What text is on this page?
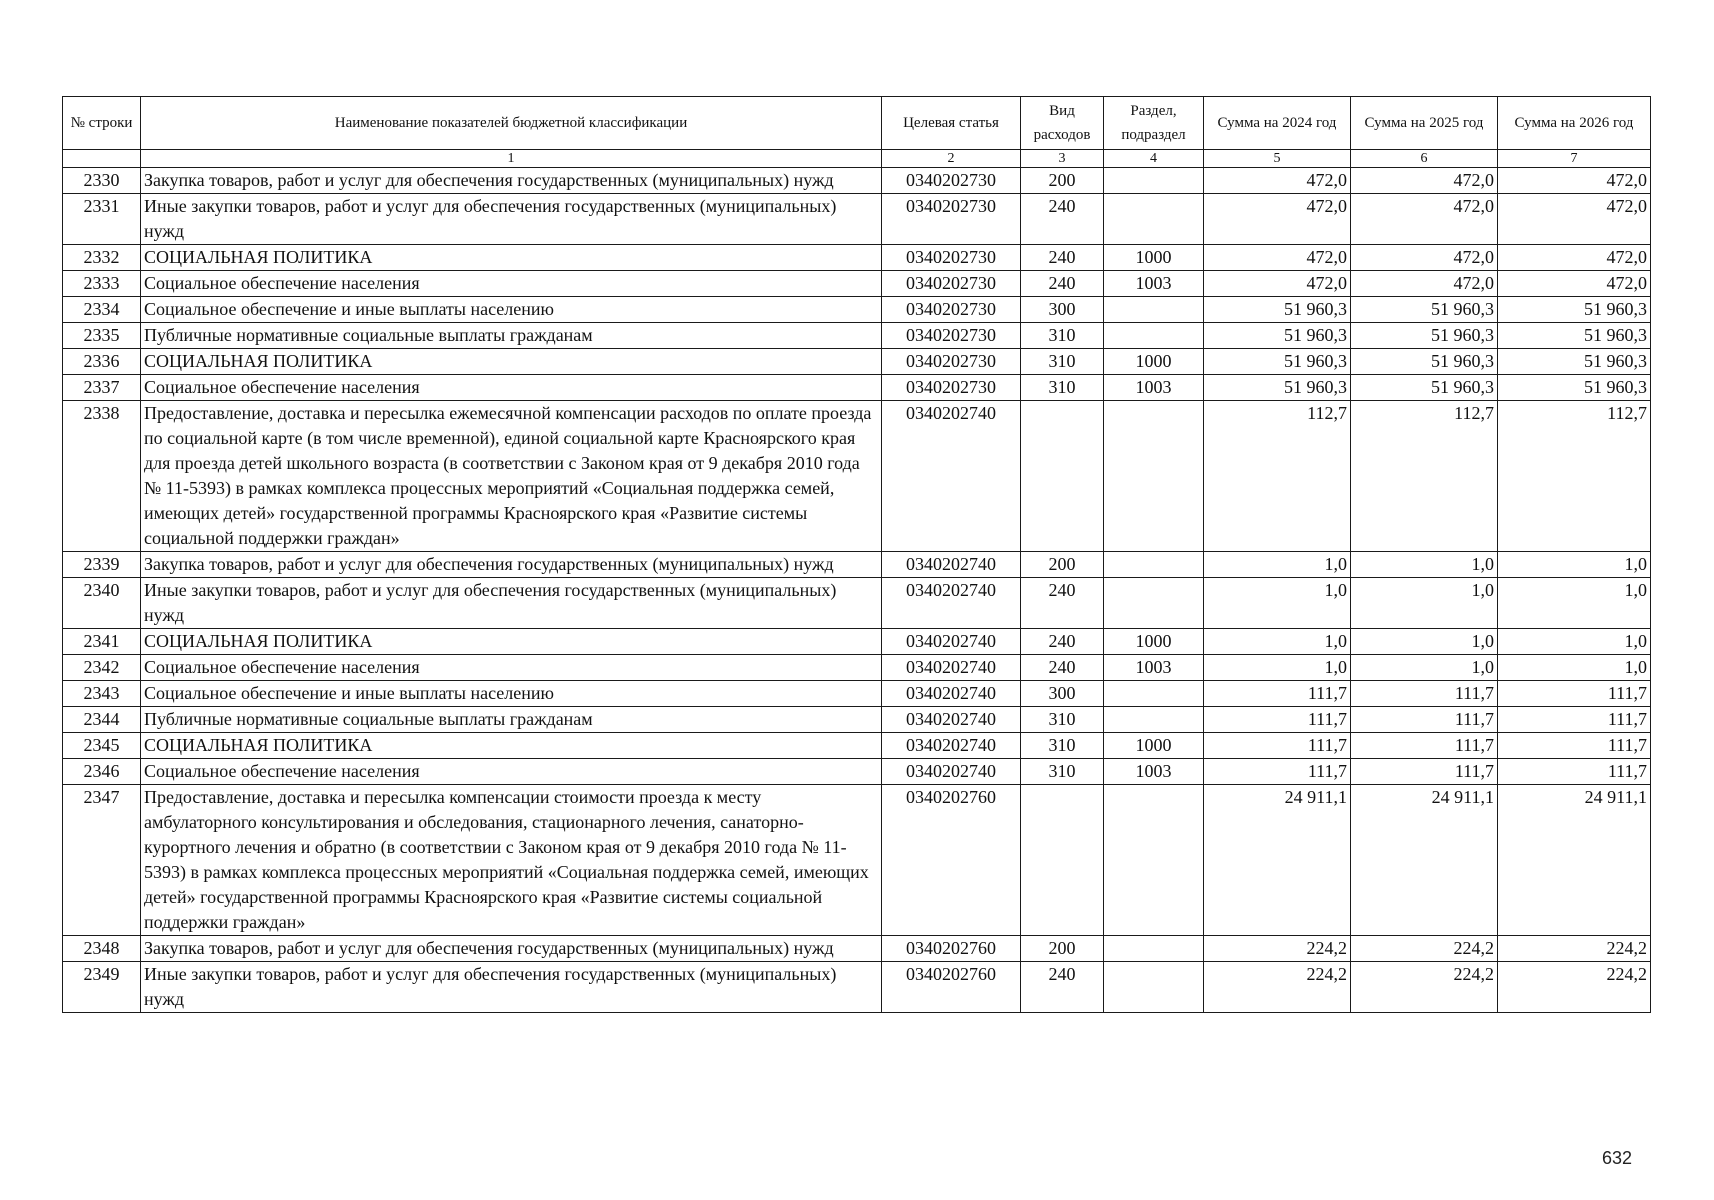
№ строки	Наименование показателей бюджетной классификации	Целевая статья	Вид расходов	Раздел, подраздел	Сумма на 2024 год	Сумма на 2025 год	Сумма на 2026 год
	1	2	3	4	5	6	7
2330	Закупка товаров, работ и услуг для обеспечения государственных (муниципальных) нужд	0340202730	200		472,0	472,0	472,0
2331	Иные закупки товаров, работ и услуг для обеспечения государственных (муниципальных) нужд	0340202730	240		472,0	472,0	472,0
2332	СОЦИАЛЬНАЯ ПОЛИТИКА	0340202730	240	1000	472,0	472,0	472,0
2333	Социальное обеспечение населения	0340202730	240	1003	472,0	472,0	472,0
2334	Социальное обеспечение и иные выплаты населению	0340202730	300		51 960,3	51 960,3	51 960,3
2335	Публичные нормативные социальные выплаты гражданам	0340202730	310		51 960,3	51 960,3	51 960,3
2336	СОЦИАЛЬНАЯ ПОЛИТИКА	0340202730	310	1000	51 960,3	51 960,3	51 960,3
2337	Социальное обеспечение населения	0340202730	310	1003	51 960,3	51 960,3	51 960,3
2338	Предоставление, доставка и пересылка ежемесячной компенсации расходов по оплате проезда по социальной карте (в том числе временной), единой социальной карте Красноярского края для проезда детей школьного возраста (в соответствии с Законом края от 9 декабря 2010 года № 11-5393) в рамках комплекса процессных мероприятий «Социальная поддержка семей, имеющих детей» государственной программы Красноярского края «Развитие системы социальной поддержки граждан»	0340202740			112,7	112,7	112,7
2339	Закупка товаров, работ и услуг для обеспечения государственных (муниципальных) нужд	0340202740	200		1,0	1,0	1,0
2340	Иные закупки товаров, работ и услуг для обеспечения государственных (муниципальных) нужд	0340202740	240		1,0	1,0	1,0
2341	СОЦИАЛЬНАЯ ПОЛИТИКА	0340202740	240	1000	1,0	1,0	1,0
2342	Социальное обеспечение населения	0340202740	240	1003	1,0	1,0	1,0
2343	Социальное обеспечение и иные выплаты населению	0340202740	300		111,7	111,7	111,7
2344	Публичные нормативные социальные выплаты гражданам	0340202740	310		111,7	111,7	111,7
2345	СОЦИАЛЬНАЯ ПОЛИТИКА	0340202740	310	1000	111,7	111,7	111,7
2346	Социальное обеспечение населения	0340202740	310	1003	111,7	111,7	111,7
2347	Предоставление, доставка и пересылка компенсации стоимости проезда к месту амбулаторного консультирования и обследования, стационарного лечения, санаторно-курортного лечения и обратно (в соответствии с Законом края от 9 декабря 2010 года № 11-5393) в рамках комплекса процессных мероприятий «Социальная поддержка семей, имеющих детей» государственной программы Красноярского края «Развитие системы социальной поддержки граждан»	0340202760			24 911,1	24 911,1	24 911,1
2348	Закупка товаров, работ и услуг для обеспечения государственных (муниципальных) нужд	0340202760	200		224,2	224,2	224,2
2349	Иные закупки товаров, работ и услуг для обеспечения государственных (муниципальных) нужд	0340202760	240		224,2	224,2	224,2
632
